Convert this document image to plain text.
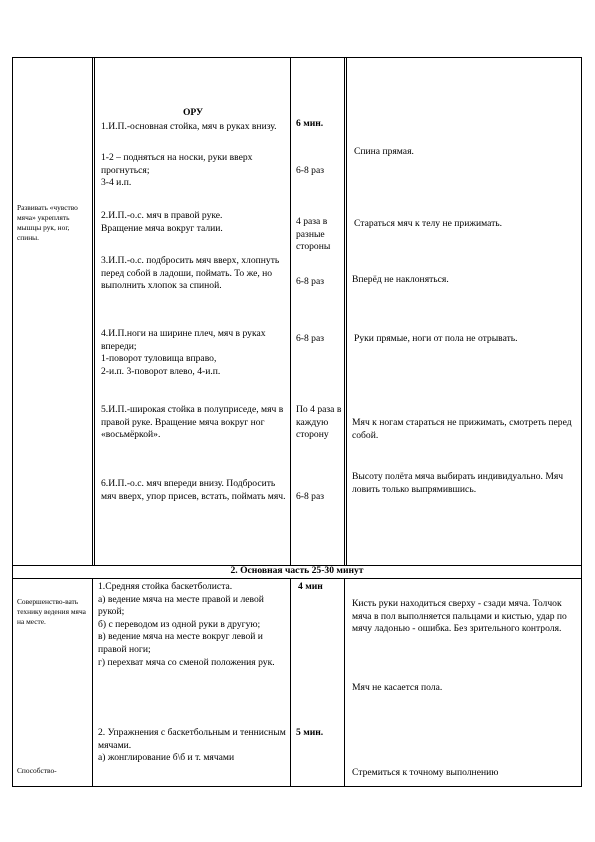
Развивать «чувство мяча» укреплять мышцы рук, ног, спины.
ОРУ
1.И.П.-основная стойка, мяч в руках внизу.
1-2 – подняться на носки, руки вверх прогнуться;
3-4 и.п.
2.И.П.-о.с. мяч в правой руке.
Вращение мяча вокруг талии.
3.И.П.-о.с. подбросить мяч вверх, хлопнуть перед собой в ладоши, поймать. То же, но выполнить хлопок за спиной.
4.И.П.ноги на ширине плеч, мяч в руках впереди;
1-поворот туловища вправо,
2-и.п. 3-поворот влево, 4-и.п.
5.И.П.-широкая стойка в полуприседе, мяч в правой руке. Вращение мяча вокруг ног «восьмёркой».
6.И.П.-о.с. мяч впереди внизу. Подбросить мяч вверх, упор присев, встать, поймать мяч.
6 мин.
6-8 раз
4 раза в разные стороны
6-8 раз
6-8 раз
По 4 раза в каждую сторону
6-8 раз
Спина прямая.
Стараться мяч к телу не прижимать.
Вперёд не наклоняться.
Руки прямые, ноги от пола не отрывать.
Мяч к ногам стараться не прижимать, смотреть перед собой.
Высоту полёта мяча выбирать индивидуально. Мяч ловить только выпрямившись.
2. Основная часть 25-30 минут
Совершенство-вать технику ведения мяча на месте.
Способство-
1.Средняя стойка баскетболиста.
а) ведение мяча на месте правой и левой рукой;
б) с переводом из одной руки в другую;
в) ведение мяча на месте вокруг левой и правой ноги;
г) перехват мяча со сменой положения рук.
2. Упражнения с баскетбольным и теннисным мячами.
а) жонглирование б\б и т. мячами
4 мин
5 мин.
Кисть руки находиться сверху - сзади мяча. Толчок мяча в пол выполняется пальцами и кистью, удар по мячу ладонью - ошибка. Без зрительного контроля.
Мяч не касается пола.
Стремиться к точному выполнению
